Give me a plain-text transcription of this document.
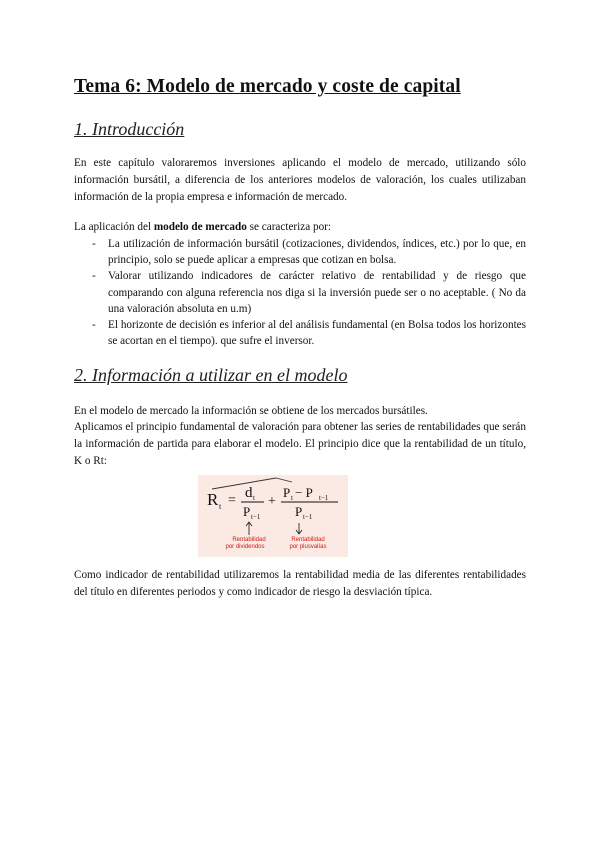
Tema 6: Modelo de mercado y coste de capital
1. Introducción
En este capítulo valoraremos inversiones aplicando el modelo de mercado, utilizando sólo información bursátil, a diferencia de los anteriores modelos de valoración, los cuales utilizaban información de la propia empresa e información de mercado.
La aplicación del modelo de mercado se caracteriza por:
- La utilización de información bursátil (cotizaciones, dividendos, índices, etc.) por lo que, en principio, solo se puede aplicar a empresas que cotizan en bolsa.
- Valorar utilizando indicadores de carácter relativo de rentabilidad y de riesgo que comparando con alguna referencia nos diga si la inversión puede ser o no aceptable. ( No da una valoración absoluta en u.m)
- El horizonte de decisión es inferior al del análisis fundamental (en Bolsa todos los horizontes se acortan en el tiempo). que sufre el inversor.
2. Información a utilizar en el modelo
En el modelo de mercado la información se obtiene de los mercados bursátiles.
Aplicamos el principio fundamental de valoración para obtener las series de rentabilidades que serán la información de partida para elaborar el modelo. El principio dice que la rentabilidad de un título, K o Rt:
R t = d t
P t−1
+
P t − P t−1
P t−1
Rentabilidad
por dividendos
Rentabilidad
por plusvalías
Como indicador de rentabilidad utilizaremos la rentabilidad media de las diferentes rentabilidades del título en diferentes periodos y como indicador de riesgo la desviación típica.
